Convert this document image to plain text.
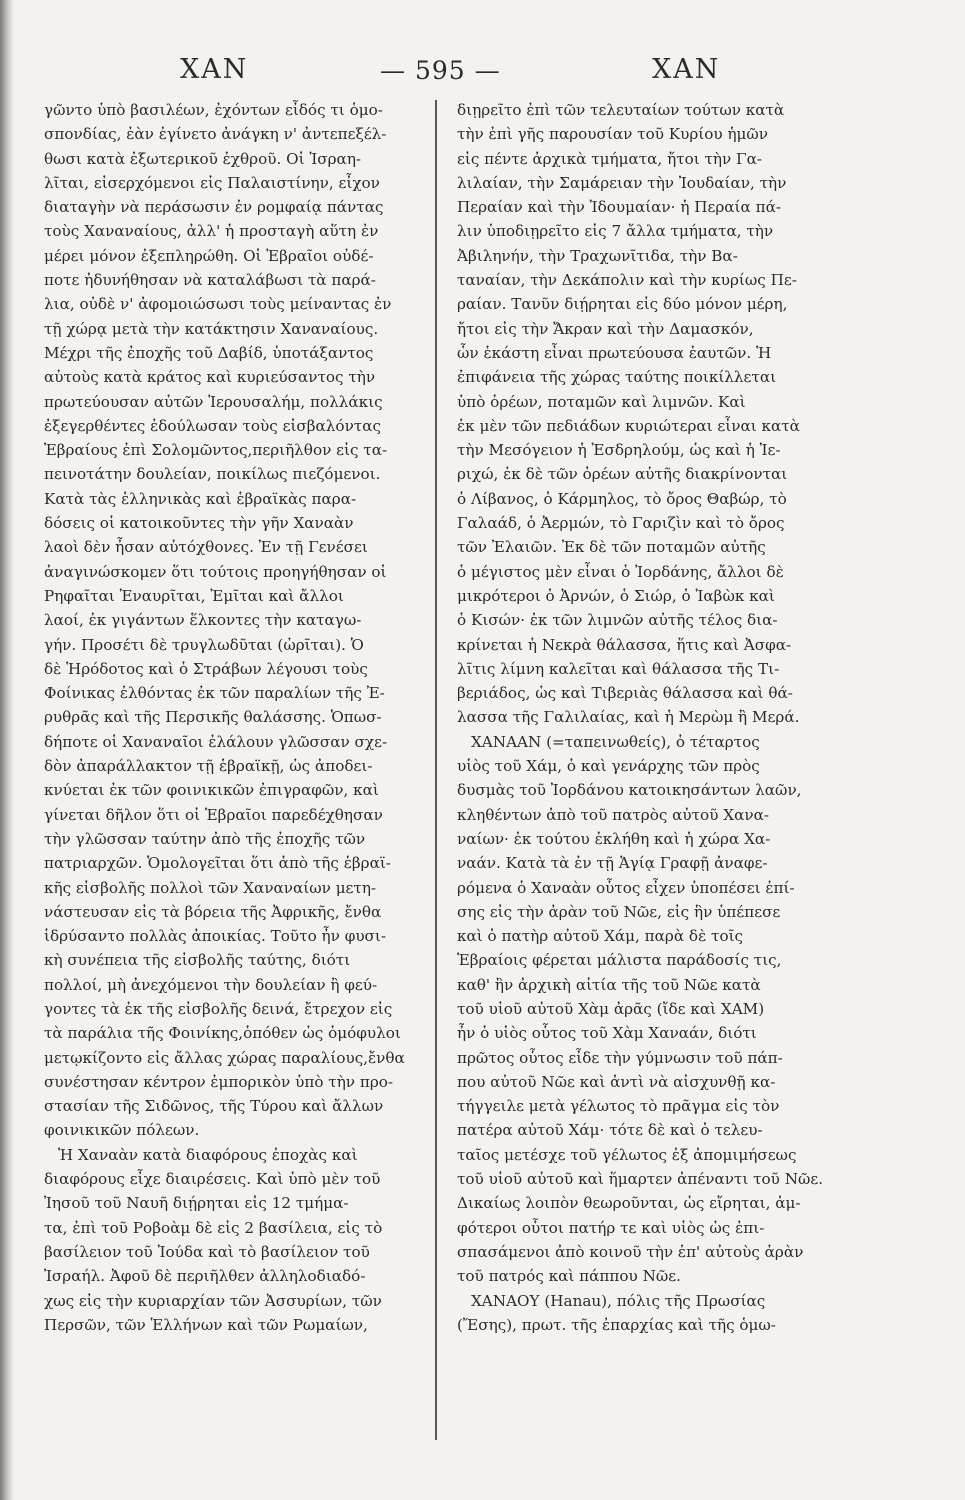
ΧΑΝ	— 595 —	ΧΑΝ
γῶντο ὑπὸ βασιλέων, ἐχόντων εἶδός τι ὁμο-
σπονδίας, ἐὰν ἐγίνετο ἀνάγκη ν' ἀντεπεξέλ-
θωσι κατὰ ἐξωτερικοῦ ἐχθροῦ. Οἱ Ἰσραη-
λῖται, εἰσερχόμενοι εἰς Παλαιστίνην, εἶχον
διαταγὴν νὰ περάσωσιν ἐν ρομφαίᾳ πάντας
τοὺς Χαναναίους, ἀλλ' ἡ προσταγὴ αὕτη ἐν
μέρει μόνον ἐξεπληρώθη. Οἱ Ἑβραῖοι οὐδέ-
ποτε ἠδυνήθησαν νὰ καταλάβωσι τὰ παρά-
λια, οὐδὲ ν' ἀφομοιώσωσι τοὺς μείναντας ἐν
τῇ χώρᾳ μετὰ τὴν κατάκτησιν Χαναναίους.
Μέχρι τῆς ἐποχῆς τοῦ Δαβίδ, ὑποτάξαντος
αὐτοὺς κατὰ κράτος καὶ κυριεύσαντος τὴν
πρωτεύουσαν αὐτῶν Ἱερουσαλήμ, πολλάκις
ἐξεγερθέντες ἐδούλωσαν τοὺς εἰσβαλόντας
Ἑβραίους ἐπὶ Σολομῶντος,περιῆλθον εἰς τα-
πεινοτάτην δουλείαν, ποικίλως πιεζόμενοι.
Κατὰ τὰς ἑλληνικὰς καὶ ἑβραϊκὰς παρα-
δόσεις οἱ κατοικοῦντες τὴν γῆν Χαναὰν
λαοὶ δὲν ἦσαν αὐτόχθονες. Ἐν τῇ Γενέσει
ἀναγινώσκομεν ὅτι τούτοις προηγήθησαν οἱ
Ρηφαῖται Ἐναυρῖται, Ἐμῖται καὶ ἄλλοι
λαοί, ἐκ γιγάντων ἕλκοντες τὴν καταγω-
γήν. Προσέτι δὲ τρυγλωδῦται (ὡρῖται). Ὁ
δὲ Ἡρόδοτος καὶ ὁ Στράβων λέγουσι τοὺς
Φοίνικας ἐλθόντας ἐκ τῶν παραλίων τῆς Ἐ-
ρυθρᾶς καὶ τῆς Περσικῆς θαλάσσης. Ὁπωσ-
δήποτε οἱ Χαναναῖοι ἐλάλουν γλῶσσαν σχε-
δὸν ἀπαράλλακτον τῇ ἑβραϊκῇ, ὡς ἀποδει-
κνύεται ἐκ τῶν φοινικικῶν ἐπιγραφῶν, καὶ
γίνεται δῆλον ὅτι οἱ Ἑβραῖοι παρεδέχθησαν
τὴν γλῶσσαν ταύτην ἀπὸ τῆς ἐποχῆς τῶν
πατριαρχῶν. Ὁμολογεῖται ὅτι ἀπὸ τῆς ἑβραϊ-
κῆς εἰσβολῆς πολλοὶ τῶν Χαναναίων μετη-
νάστευσαν εἰς τὰ βόρεια τῆς Ἀφρικῆς, ἔνθα
ἱδρύσαντο πολλὰς ἀποικίας. Τοῦτο ἦν φυσι-
κὴ συνέπεια τῆς εἰσβολῆς ταύτης, διότι
πολλοί, μὴ ἀνεχόμενοι τὴν δουλείαν ἢ φεύ-
γοντες τὰ ἐκ τῆς εἰσβολῆς δεινά, ἔτρεχον εἰς
τὰ παράλια τῆς Φοινίκης,ὁπόθεν ὡς ὁμόφυλοι
μετῳκίζοντο εἰς ἄλλας χώρας παραλίους,ἔνθα
συνέστησαν κέντρον ἐμπορικὸν ὑπὸ τὴν προ-
στασίαν τῆς Σιδῶνος, τῆς Τύρου καὶ ἄλλων
φοινικικῶν πόλεων.
Ἡ Χαναὰν κατὰ διαφόρους ἐποχὰς καὶ
διαφόρους εἶχε διαιρέσεις. Καὶ ὑπὸ μὲν τοῦ
Ἰησοῦ τοῦ Ναυῆ διῄρηται εἰς 12 τμήμα-
τα, ἐπὶ τοῦ Ροβοὰμ δὲ εἰς 2 βασίλεια, εἰς τὸ
βασίλειον τοῦ Ἰούδα καὶ τὸ βασίλειον τοῦ
Ἰσραήλ. Ἀφοῦ δὲ περιῆλθεν ἀλληλοδιαδό-
χως εἰς τὴν κυριαρχίαν τῶν Ἀσσυρίων, τῶν
Περσῶν, τῶν Ἑλλήνων καὶ τῶν Ρωμαίων,
διῃρεῖτο ἐπὶ τῶν τελευταίων τούτων κατὰ
τὴν ἐπὶ γῆς παρουσίαν τοῦ Κυρίου ἡμῶν
εἰς πέντε ἀρχικὰ τμήματα, ἤτοι τὴν Γα-
λιλαίαν, τὴν Σαμάρειαν τὴν Ἰουδαίαν, τὴν
Περαίαν καὶ τὴν Ἰδουμαίαν· ἡ Περαία πά-
λιν ὑποδιῃρεῖτο εἰς 7 ἄλλα τμήματα, τὴν
Ἀβιληνήν, τὴν Τραχωνῖτιδα, τὴν Βα-
ταναίαν, τὴν Δεκάπολιν καὶ τὴν κυρίως Πε-
ραίαν. Τανῦν διῄρηται εἰς δύο μόνον μέρη,
ἤτοι εἰς τὴν Ἄκραν καὶ τὴν Δαμασκόν,
ὧν ἑκάστη εἶναι πρωτεύουσα ἑαυτῶν. Ἡ
ἐπιφάνεια τῆς χώρας ταύτης ποικίλλεται
ὑπὸ ὀρέων, ποταμῶν καὶ λιμνῶν. Καὶ
ἐκ μὲν τῶν πεδιάδων κυριώτεραι εἶναι κατὰ
τὴν Μεσόγειον ἡ Ἐσδρηλούμ, ὡς καὶ ἡ Ἱε-
ριχώ, ἐκ δὲ τῶν ὀρέων αὐτῆς διακρίνονται
ὁ Λίβανος, ὁ Κάρμηλος, τὸ ὄρος Θαβώρ, τὸ
Γαλαάδ, ὁ Ἀερμών, τὸ Γαριζὶν καὶ τὸ ὄρος
τῶν Ἐλαιῶν. Ἐκ δὲ τῶν ποταμῶν αὐτῆς
ὁ μέγιστος μὲν εἶναι ὁ Ἰορδάνης, ἄλλοι δὲ
μικρότεροι ὁ Ἀρνών, ὁ Σιώρ, ὁ Ἰαβὼκ καὶ
ὁ Κισών· ἐκ τῶν λιμνῶν αὐτῆς τέλος δια-
κρίνεται ἡ Νεκρὰ θάλασσα, ἥτις καὶ Ἀσφα-
λῖτις λίμνη καλεῖται καὶ θάλασσα τῆς Τι-
βεριάδος, ὡς καὶ Τιβεριὰς θάλασσα καὶ θά-
λασσα τῆς Γαλιλαίας, καὶ ἡ Μερὼμ ἢ Μερά.
ΧΑΝΑΑΝ (=ταπεινωθείς), ὁ τέταρτος
υἱὸς τοῦ Χάμ, ὁ καὶ γενάρχης τῶν πρὸς
δυσμὰς τοῦ Ἰορδάνου κατοικησάντων λαῶν,
κληθέντων ἀπὸ τοῦ πατρὸς αὐτοῦ Χανα-
ναίων· ἐκ τούτου ἐκλήθη καὶ ἡ χώρα Χα-
ναάν. Κατὰ τὰ ἐν τῇ Ἁγίᾳ Γραφῇ ἀναφε-
ρόμενα ὁ Χαναὰν οὗτος εἶχεν ὑποπέσει ἐπί-
σης εἰς τὴν ἀρὰν τοῦ Νῶε, εἰς ἣν ὑπέπεσε
καὶ ὁ πατὴρ αὐτοῦ Χάμ, παρὰ δὲ τοῖς
Ἑβραίοις φέρεται μάλιστα παράδοσίς τις,
καθ' ἣν ἀρχικὴ αἰτία τῆς τοῦ Νῶε κατὰ
τοῦ υἱοῦ αὐτοῦ Χὰμ ἀρᾶς (ἴδε καὶ ΧΑΜ)
ἦν ὁ υἱὸς οὗτος τοῦ Χὰμ Χαναάν, διότι
πρῶτος οὗτος εἶδε τὴν γύμνωσιν τοῦ πάπ-
που αὐτοῦ Νῶε καὶ ἀντὶ νὰ αἰσχυνθῇ κα-
τήγγειλε μετὰ γέλωτος τὸ πρᾶγμα εἰς τὸν
πατέρα αὐτοῦ Χάμ· τότε δὲ καὶ ὁ τελευ-
ταῖος μετέσχε τοῦ γέλωτος ἐξ ἀπομιμήσεως
τοῦ υἱοῦ αὐτοῦ καὶ ἥμαρτεν ἀπέναντι τοῦ Νῶε.
Δικαίως λοιπὸν θεωροῦνται, ὡς εἴρηται, ἀμ-
φότεροι οὗτοι πατήρ τε καὶ υἱὸς ὡς ἐπι-
σπασάμενοι ἀπὸ κοινοῦ τὴν ἐπ' αὐτοὺς ἀρὰν
τοῦ πατρός καὶ πάππου Νῶε.
ΧΑΝΑΟΥ (Hanau), πόλις τῆς Πρωσίας
(Ἔσης), πρωτ. τῆς ἐπαρχίας καὶ τῆς ὁμω-
